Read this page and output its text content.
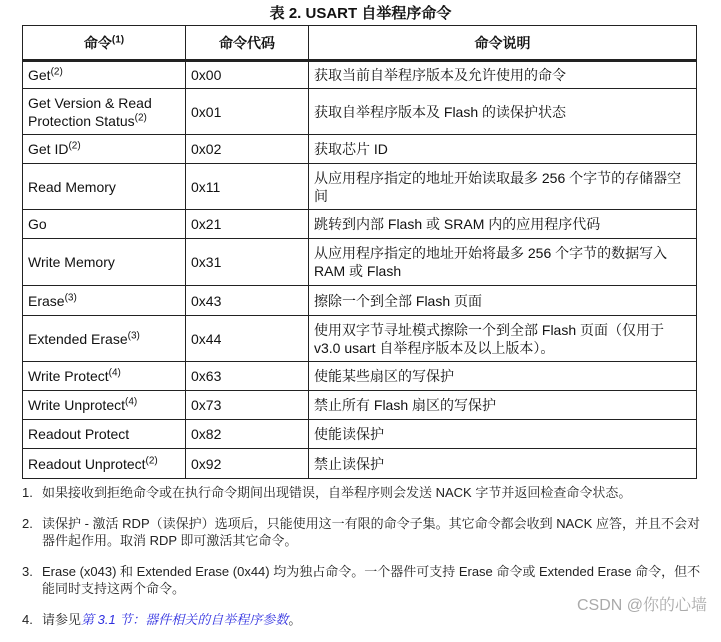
表 2. USART 自举程序命令
命令$^{(1)}$	命令代码	命令说明
Get$^{(2)}$	0x00	获取当前自举程序版本及允许使用的命令
Get Version & Read Protection Status$^{(2)}$	0x01	获取自举程序版本及 Flash 的读保护状态
Get ID$^{(2)}$	0x02	获取芯片 ID
Read Memory	0x11	从应用程序指定的地址开始读取最多 256 个字节的存储器空间
Go	0x21	跳转到内部 Flash 或 SRAM 内的应用程序代码
Write Memory	0x31	从应用程序指定的地址开始将最多 256 个字节的数据写入 RAM 或 Flash
Erase$^{(3)}$	0x43	擦除一个到全部 Flash 页面
Extended Erase$^{(3)}$	0x44	使用双字节寻址模式擦除一个到全部 Flash 页面（仅用于 v3.0 usart 自举程序版本及以上版本）。
Write Protect$^{(4)}$	0x63	使能某些扇区的写保护
Write Unprotect$^{(4)}$	0x73	禁止所有 Flash 扇区的写保护
Readout Protect	0x82	使能读保护
Readout Unprotect$^{(2)}$	0x92	禁止读保护
1. 如果接收到拒绝命令或在执行命令期间出现错误，自举程序则会发送 NACK 字节并返回检查命令状态。
2. 读保护 - 激活 RDP（读保护）选项后，只能使用这一有限的命令子集。其它命令都会收到 NACK 应答，并且不会对器件起作用。取消 RDP 即可激活其它命令。
3. Erase (x043) 和 Extended Erase (0x44) 均为独占命令。一个器件可支持 Erase 命令或 Extended Erase 命令，但不能同时支持这两个命令。
4. 请参见第 3.1 节：器件相关的自举程序参数。
CSDN @你的心墙
